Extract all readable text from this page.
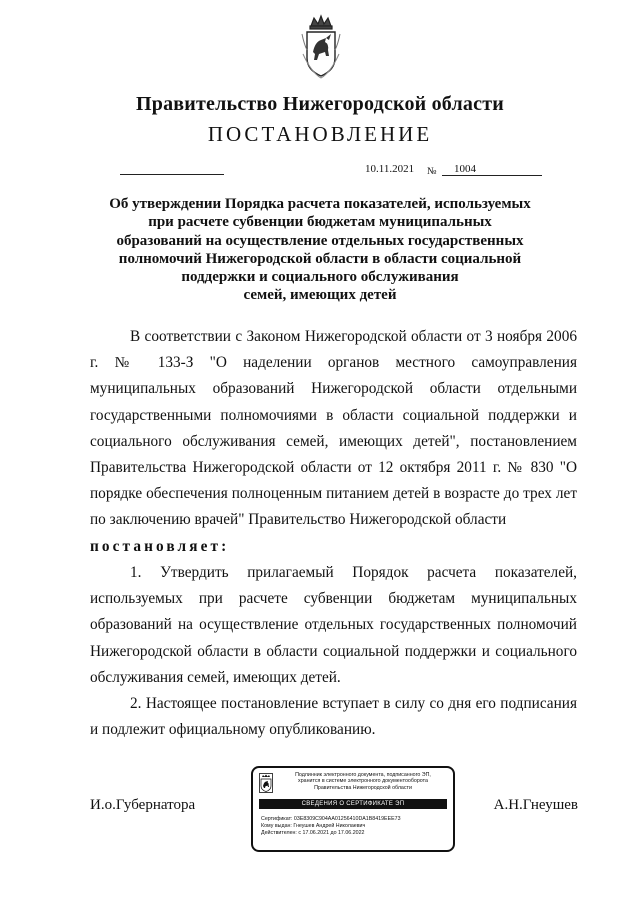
Правительство Нижегородской области
ПОСТАНОВЛЕНИЕ
10.11.2021 №	1004
Об утверждении Порядка расчета показателей, используемых
при расчете субвенции бюджетам муниципальных
образований на осуществление отдельных государственных
полномочий Нижегородской области в области социальной
поддержки и социального обслуживания
семей, имеющих детей

В соответствии с Законом Нижегородской области от 3 ноября 2006 г. № 133-З "О наделении органов местного самоуправления муниципальных образований Нижегородской области отдельными государственными полномочиями в области социальной поддержки и социального обслуживания семей, имеющих детей", постановлением Правительства Нижегородской области от 12 октября 2011 г. № 830 "О порядке обеспечения полноценным питанием детей в возрасте до трех лет по заключению врачей" Правительство Нижегородской области

постановляет:

1. Утвердить прилагаемый Порядок расчета показателей, используемых при расчете субвенции бюджетам муниципальных образований на осуществление отдельных государственных полномочий Нижегородской области в области социальной поддержки и социального обслуживания семей, имеющих детей.

2. Настоящее постановление вступает в силу со дня его подписания и подлежит официальному опубликованию.

И.о.Губернатора	А.Н.Гнеушев
Подлинник электронного документа, подписанного ЭП,
хранится в системе электронного документооборота
Правительства Нижегородской области
СВЕДЕНИЯ О СЕРТИФИКАТЕ ЭП
Сертификат: 03E8309C904AA01256410DA1B8419EEE73
Кому выдан: Гнеушев Андрей Николаевич
Действителен: с 17.06.2021 до 17.06.2022
